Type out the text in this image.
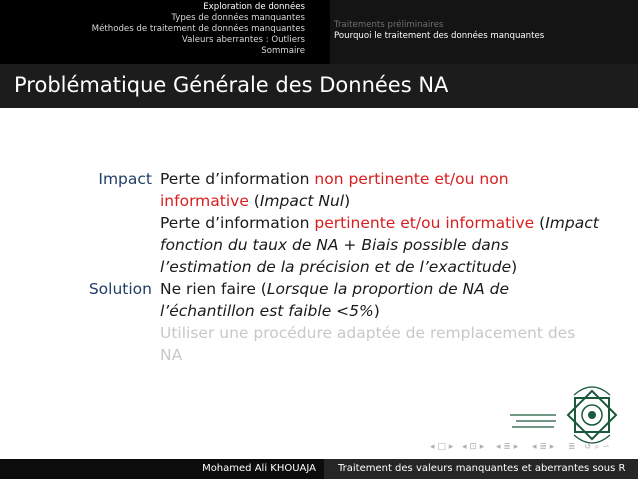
Exploration de données
Types de données manquantes
Méthodes de traitement de données manquantes
Valeurs aberrantes : Outliers
Sommaire
Traitements préliminaires
Pourquoi le traitement des données manquantes
Problématique Générale des Données NA
Impact Perte d’information non pertinente et/ou non informative (Impact Nul)
Perte d’information pertinente et/ou informative (Impact fonction du taux de NA + Biais possible dans l’estimation de la précision et de l’exactitude)
Solution Ne rien faire (Lorsque la proportion de NA de l’échantillon est faible <5%)
Utiliser une procédure adaptée de remplacement des NA
◂ □ ▸ ◂ ⊡ ▸ ◂ ≣ ▸ ◂ ≣ ▸ ≣ ↺ ⌕ ∽
Mohamed Ali KHOUAJA Traitement des valeurs manquantes et aberrantes sous R
